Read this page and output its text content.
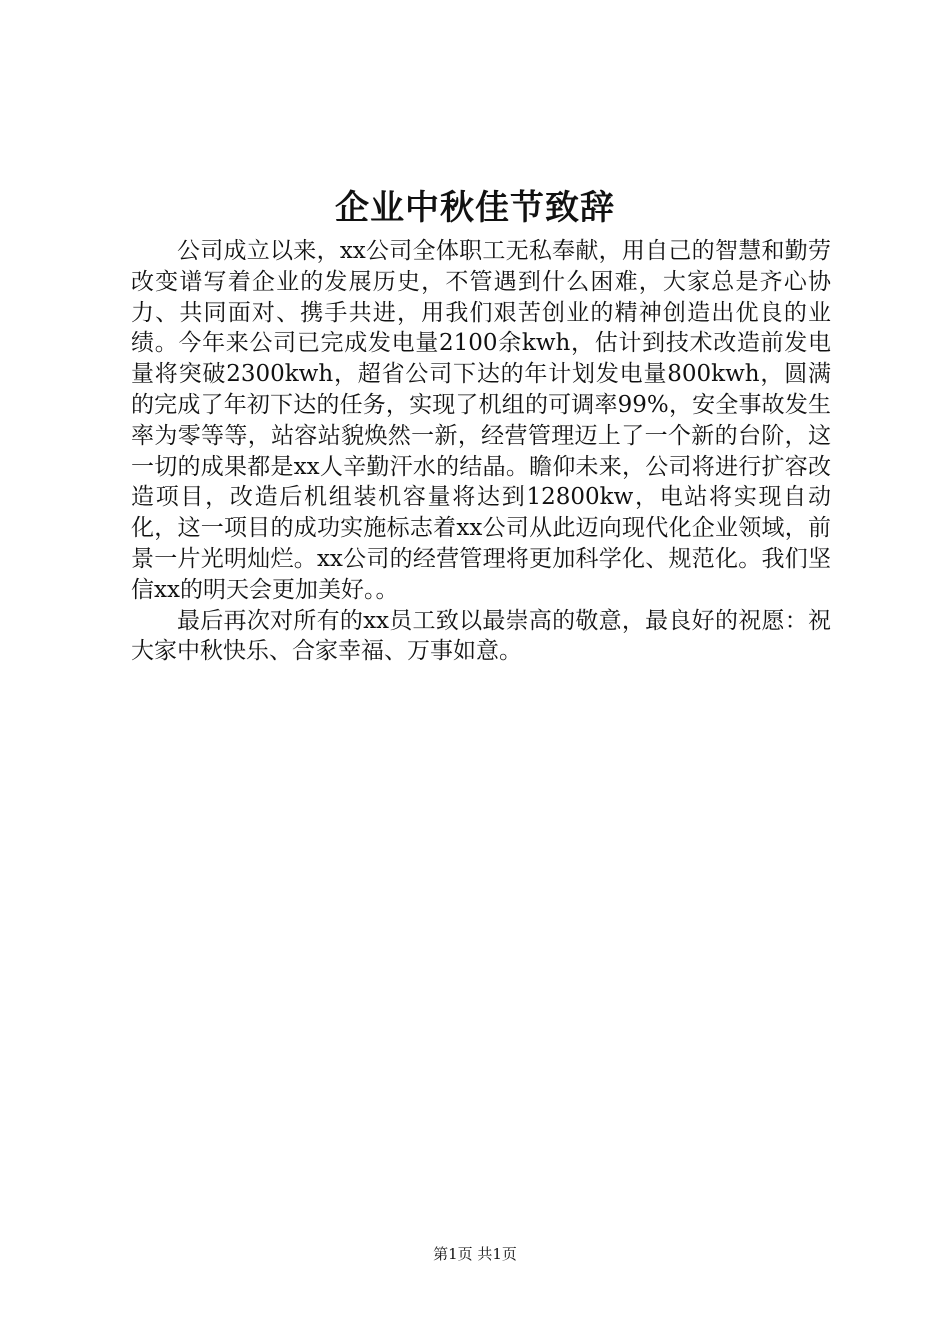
企业中秋佳节致辞

公司成立以来，xx公司全体职工无私奉献，用自己的智慧和勤劳改变谱写着企业的发展历史，不管遇到什么困难，大家总是齐心协力、共同面对、携手共进，用我们艰苦创业的精神创造出优良的业绩。今年来公司已完成发电量2100余kwh，估计到技术改造前发电量将突破2300kwh，超省公司下达的年计划发电量800kwh，圆满的完成了年初下达的任务，实现了机组的可调率99%，安全事故发生率为零等等，站容站貌焕然一新，经营管理迈上了一个新的台阶，这一切的成果都是xx人辛勤汗水的结晶。瞻仰未来，公司将进行扩容改造项目，改造后机组装机容量将达到12800kw，电站将实现自动化，这一项目的成功实施标志着xx公司从此迈向现代化企业领域，前景一片光明灿烂。xx公司的经营管理将更加科学化、规范化。我们坚信xx的明天会更加美好。。

最后再次对所有的xx员工致以最崇高的敬意，最良好的祝愿：祝大家中秋快乐、合家幸福、万事如意。

第1页 共1页
